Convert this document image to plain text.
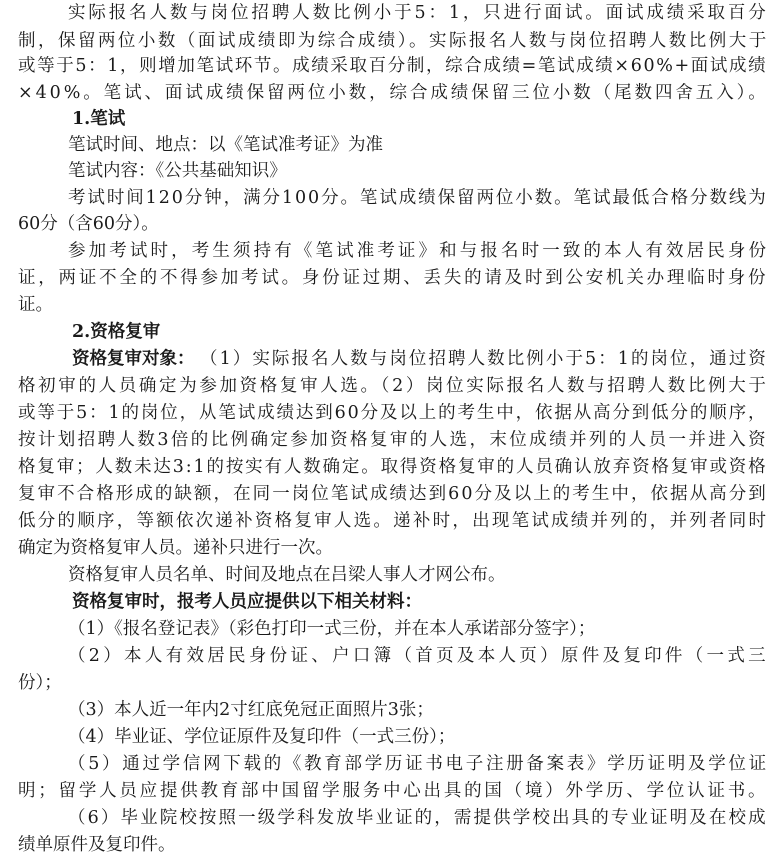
实际报名人数与岗位招聘人数比例小于5：1，只进行面试。面试成绩采取百分
制，保留两位小数（面试成绩即为综合成绩）。实际报名人数与岗位招聘人数比例大于
或等于5：1，则增加笔试环节。成绩采取百分制，综合成绩=笔试成绩×60%+面试成绩
×40%。笔试、面试成绩保留两位小数，综合成绩保留三位小数（尾数四舍五入）。
1.笔试
笔试时间、地点：以《笔试准考证》为准
笔试内容：《公共基础知识》
考试时间120分钟，满分100分。笔试成绩保留两位小数。笔试最低合格分数线为
60分（含60分）。
参加考试时，考生须持有《笔试准考证》和与报名时一致的本人有效居民身份
证，两证不全的不得参加考试。身份证过期、丢失的请及时到公安机关办理临时身份
证。
2.资格复审
（1）实际报名人数与岗位招聘人数比例小于5：1的岗位，通过资
格初审的人员确定为参加资格复审人选。（2）岗位实际报名人数与招聘人数比例大于
或等于5：1的岗位，从笔试成绩达到60分及以上的考生中，依据从高分到低分的顺序，
按计划招聘人数3倍的比例确定参加资格复审的人选，末位成绩并列的人员一并进入资
格复审；人数未达3:1的按实有人数确定。取得资格复审的人员确认放弃资格复审或资格
复审不合格形成的缺额，在同一岗位笔试成绩达到60分及以上的考生中，依据从高分到
低分的顺序，等额依次递补资格复审人选。递补时，出现笔试成绩并列的，并列者同时
确定为资格复审人员。递补只进行一次。
资格复审人员名单、时间及地点在吕梁人事人才网公布。
资格复审时，报考人员应提供以下相关材料：
（1）《报名登记表》（彩色打印一式三份，并在本人承诺部分签字）；
（2）本人有效居民身份证、户口簿（首页及本人页）原件及复印件（一式三
份）；
（3）本人近一年内2寸红底免冠正面照片3张；
（4）毕业证、学位证原件及复印件（一式三份）；
（5）通过学信网下载的《教育部学历证书电子注册备案表》学历证明及学位证
明；留学人员应提供教育部中国留学服务中心出具的国（境）外学历、学位认证书。
（6）毕业院校按照一级学科发放毕业证的，需提供学校出具的专业证明及在校成
绩单原件及复印件。
资格复审对象：
